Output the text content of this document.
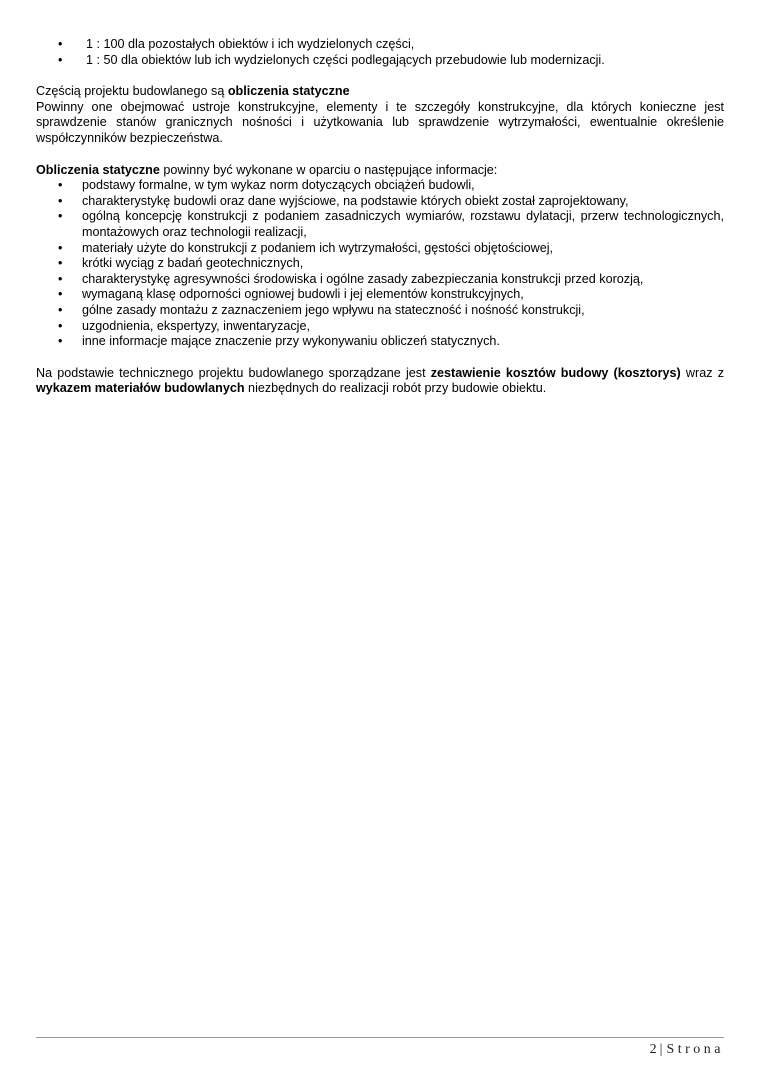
• 1 : 100 dla pozostałych obiektów i ich wydzielonych części,
• 1 : 50 dla obiektów lub ich wydzielonych części podlegających przebudowie lub modernizacji.

Częścią projektu budowlanego są obliczenia statyczne

Powinny one obejmować ustroje konstrukcyjne, elementy i te szczegóły konstrukcyjne, dla których konieczne jest sprawdzenie stanów granicznych nośności i użytkowania lub sprawdzenie wytrzymałości, ewentualnie określenie współczynników bezpieczeństwa.

Obliczenia statyczne powinny być wykonane w oparciu o następujące informacje:

• podstawy formalne, w tym wykaz norm dotyczących obciążeń budowli,
• charakterystykę budowli oraz dane wyjściowe, na podstawie których obiekt został zaprojektowany,
• ogólną koncepcję konstrukcji z podaniem zasadniczych wymiarów, rozstawu dylatacji, przerw technologicznych, montażowych oraz technologii realizacji,
• materiały użyte do konstrukcji z podaniem ich wytrzymałości, gęstości objętościowej,
• krótki wyciąg z badań geotechnicznych,
• charakterystykę agresywności środowiska i ogólne zasady zabezpieczania konstrukcji przed korozją,
• wymaganą klasę odporności ogniowej budowli i jej elementów konstrukcyjnych,
• gólne zasady montażu z zaznaczeniem jego wpływu na stateczność i nośność konstrukcji,
• uzgodnienia, ekspertyzy, inwentaryzacje,
• inne informacje mające znaczenie przy wykonywaniu obliczeń statycznych.

Na podstawie technicznego projektu budowlanego sporządzane jest zestawienie kosztów budowy (kosztorys) wraz z wykazem materiałów budowlanych niezbędnych do realizacji robót przy budowie obiektu.

2 | Strona
